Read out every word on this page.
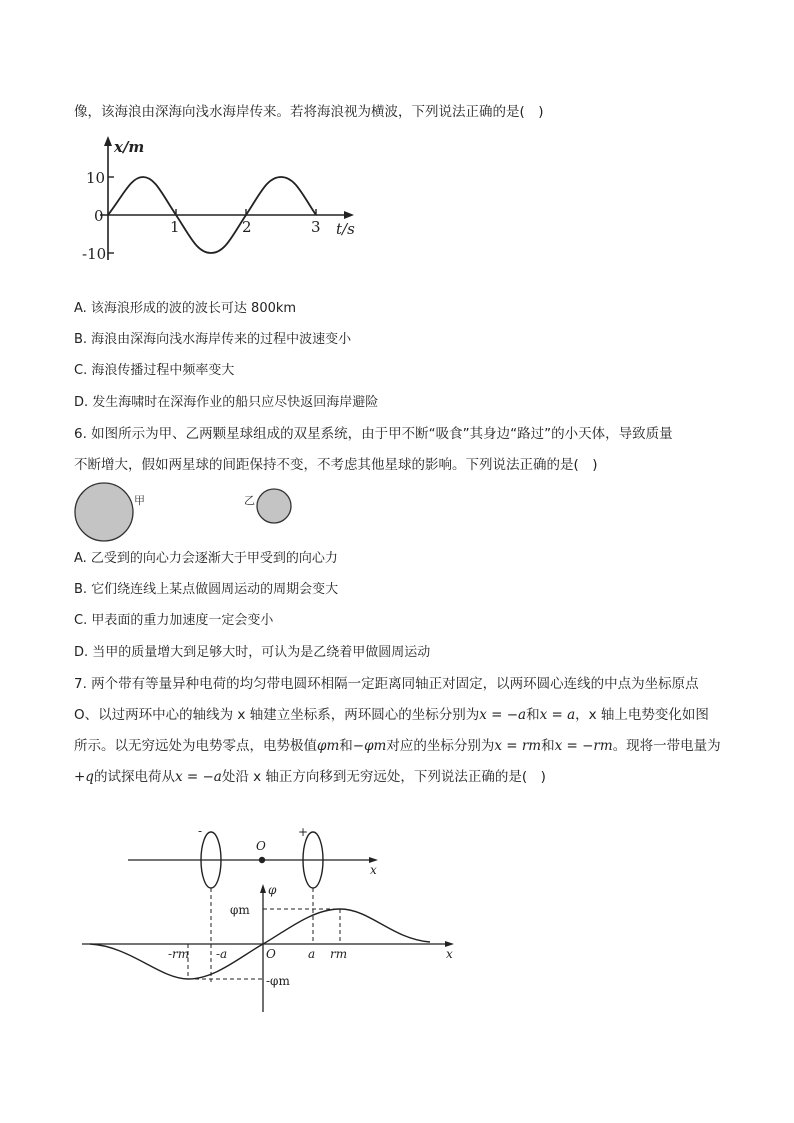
像，该海浪由深海向浅水海岸传来。若将海浪视为横波，下列说法正确的是(　)
x/m
10
0
-10
1	2	3 t/s
A. 该海浪形成的波的波长可达 800km
B. 海浪由深海向浅水海岸传来的过程中波速变小
C. 海浪传播过程中频率变大
D. 发生海啸时在深海作业的船只应尽快返回海岸避险
6. 如图所示为甲、乙两颗星球组成的双星系统，由于甲不断“吸食”其身边“路过”的小天体，导致质量
不断增大，假如两星球的间距保持不变，不考虑其他星球的影响。下列说法正确的是(　)
甲	乙
A. 乙受到的向心力会逐渐大于甲受到的向心力
B. 它们绕连线上某点做圆周运动的周期会变大
C. 甲表面的重力加速度一定会变小
D. 当甲的质量增大到足够大时，可认为是乙绕着甲做圆周运动
7. 两个带有等量异种电荷的均匀带电圆环相隔一定距离同轴正对固定，以两环圆心连线的中点为坐标原点
O、以过两环中心的轴线为 x 轴建立坐标系，两环圆心的坐标分别为x = −a和x = a，x 轴上电势变化如图
所示。以无穷远处为电势零点，电势极值φm和−φm对应的坐标分别为x = rm和x = −rm。现将一带电量为
+q的试探电荷从x = −a处沿 x 轴正方向移到无穷远处，下列说法正确的是(　)
-	+
O
x
φ
x
φm
-φm
-rm -a	O	a rm
